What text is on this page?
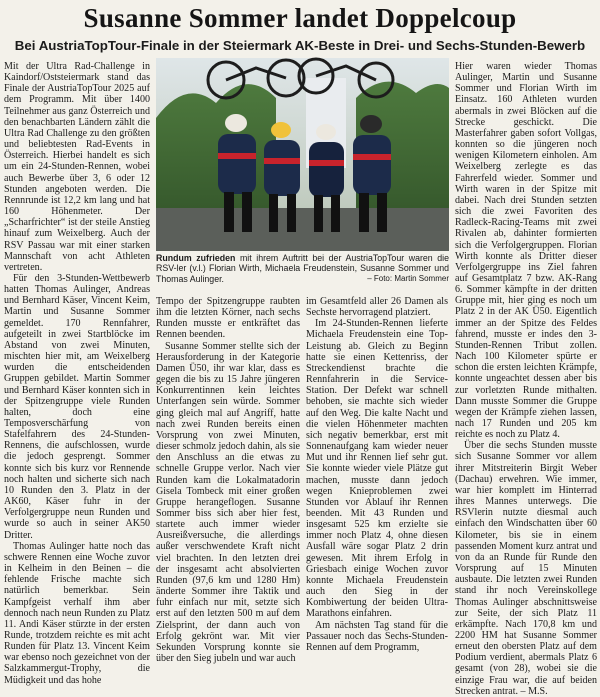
Susanne Sommer landet Doppelcoup
Bei AustriaTopTour-Finale in der Steiermark AK-Beste in Drei- und Sechs-Stunden-Bewerb

Mit der Ultra Rad-Challenge in Kaindorf/Oststeiermark stand das Finale der AustriaTopTour 2025 auf dem Programm. Mit über 1400 Teilnehmer aus ganz Österreich und den benachbarten Ländern zählt die Ultra Rad Challenge zu den größten und beliebtesten Rad-Events in Österreich. Hierbei handelt es sich um ein 24-Stunden-Rennen, wobei auch Bewerbe über 3, 6 oder 12 Stunden angeboten werden. Die Rennrunde ist 12,2 km lang und hat 160 Höhenmeter. Der „Scharfrichter“ ist der steile Anstieg hinauf zum Weixelberg. Auch der RSV Passau war mit einer starken Mannschaft von acht Athleten vertreten.

Für den 3-Stunden-Wettbewerb hatten Thomas Aulinger, Andreas und Bernhard Käser, Vincent Keim, Martin und Susanne Sommer gemeldet. 170 Rennfahrer, aufgeteilt in zwei Startblöcke im Abstand von zwei Minuten, mischten hier mit, am Weixelberg wurden die entscheidenden Gruppen gebildet. Martin Sommer und Bernhard Käser konnten sich in der Spitzengruppe viele Runden halten, doch eine Temposverschärfung von Stafelfahrern des 24-Stunden-Rennens, die aufschlossen, wurde die jedoch gesprengt. Sommer konnte sich bis kurz vor Rennende noch halten und sicherte sich nach 10 Runden den 3. Platz in der AK60, Käser fuhr in der Verfolgergruppe neun Runden und wurde so auch in seiner AK50 Dritter.

Thomas Aulinger hatte noch das schwere Rennen eine Woche zuvor in Kelheim in den Beinen – die fehlende Frische machte sich natürlich bemerkbar. Sein Kampfgeist verhalf ihm aber dennoch nach neun Runden zu Platz 11. Andi Käser stürzte in der ersten Runde, trotzdem reichte es mit acht Runden für Platz 13. Vincent Keim war ebenso noch gezeichnet von der Salzkammergut-Trophy, die Müdigkeit und das hohe

Rundum zufrieden mit ihrem Auftritt bei der AustriaTopTour waren die RSV-ler (v.l.) Florian Wirth, Michaela Freudenstein, Susanne Sommer und Thomas Aulinger.	– Foto: Martin Sommer

Tempo der Spitzengruppe raubten ihm die letzten Körner, nach sechs Runden musste er entkräftet das Rennen beenden.

Susanne Sommer stellte sich der Herausforderung in der Kategorie Damen Ü50, ihr war klar, dass es gegen die bis zu 15 Jahre jüngeren Konkurrentinnen kein leichtes Unterfangen sein würde. Sommer ging gleich mal auf Angriff, hatte nach zwei Runden bereits einen Vorsprung von zwei Minuten, dieser schmolz jedoch dahin, als sie den Anschluss an die etwas zu schnelle Gruppe verlor. Nach vier Runden kam die Lokalmatadorin Gisela Tombeck mit einer großen Gruppe herangeflogen. Susanne Sommer biss sich aber hier fest, startete auch immer wieder Ausreißversuche, die allerdings außer verschwendete Kraft nicht viel brachten. In den letzten drei der insgesamt acht absolvierten Runden (97,6 km und 1280 Hm) änderte Sommer ihre Taktik und fuhr einfach nur mit, setzte sich erst auf den letzten 500 m auf dem Zielsprint, der dann auch von Erfolg gekrönt war. Mit vier Sekunden Vorsprung konnte sie über den Sieg jubeln und war auch

im Gesamtfeld aller 26 Damen als Sechste hervorragend platziert.

Im 24-Stunden-Rennen lieferte Michaela Freudenstein eine Top-Leistung ab. Gleich zu Beginn hatte sie einen Kettenriss, der Streckendienst brachte die Rennfahrerin in die Service-Station. Der Defekt war schnell behoben, sie machte sich wieder auf den Weg. Die kalte Nacht und die vielen Höhenmeter machten sich negativ bemerkbar, erst mit Sonnenaufgang kam wieder neuer Mut und ihr Rennen lief sehr gut. Sie konnte wieder viele Plätze gut machen, musste dann jedoch wegen Knieproblemen zwei Stunden vor Ablauf ihr Rennen beenden. Mit 43 Runden und insgesamt 525 km erzielte sie immer noch Platz 4, ohne diesen Ausfall wäre sogar Platz 2 drin gewesen. Mit ihrem Erfolg in Griesbach einige Wochen zuvor konnte Michaela Freudenstein auch den Sieg in der Kombiwertung der beiden Ultra-Marathons einfahren.

Am nächsten Tag stand für die Passauer noch das Sechs-Stunden-Rennen auf dem Programm,

Hier waren wieder Thomas Aulinger, Martin und Susanne Sommer und Florian Wirth im Einsatz. 160 Athleten wurden abermals in zwei Blöcken auf die Strecke geschickt. Die Masterfahrer gaben sofort Vollgas, konnten so die jüngeren noch wenigen Kilometern einholen. Am Weixelberg zerlegte es das Fahrerfeld wieder. Sommer und Wirth waren in der Spitze mit dabei. Nach drei Stunden setzten sich die zwei Favoriten des Radleck-Racing-Teams mit zwei Rivalen ab, dahinter formierten sich die Verfolgergruppen. Florian Wirth konnte als Dritter dieser Verfolgergruppe ins Ziel fahren auf Gesamtplatz 7 bzw. AK-Rang 6. Sommer kämpfte in der dritten Gruppe mit, hier ging es noch um Platz 2 in der AK Ü50. Eigentlich immer an der Spitze des Feldes fahrend, musste er indes den 3-Stunden-Rennen Tribut zollen. Nach 100 Kilometer spürte er schon die ersten leichten Krämpfe, konnte ungeachtet dessen aber bis zur vorletzten Runde mithalten. Dann musste Sommer die Gruppe wegen der Krämpfe ziehen lassen, nach 17 Runden und 205 km reichte es noch zu Platz 4.

Über die sechs Stunden musste sich Susanne Sommer vor allem ihrer Mitstreiterin Birgit Weber (Dachau) erwehren. Wie immer, war hier komplett im Hinterrad ihres Mannes unterwegs. Die RSVlerin nutzte diesmal auch einfach den Windschatten über 60 Kilometer, bis sie in einem passenden Moment kurz antrat und von da an Runde für Runde den Vorsprung auf 15 Minuten ausbaute. Die letzten zwei Runden stand ihr noch Vereinskollege Thomas Aulinger abschnittsweise zur Seite, der sich Platz 11 erkämpfte. Nach 170,8 km und 2200 HM hat Susanne Sommer erneut den obersten Platz auf dem Podium verdient, abermals Platz 6 gesamt (von 28), wobei sie die einzige Frau war, die auf beiden Strecken antrat. – M.S.
